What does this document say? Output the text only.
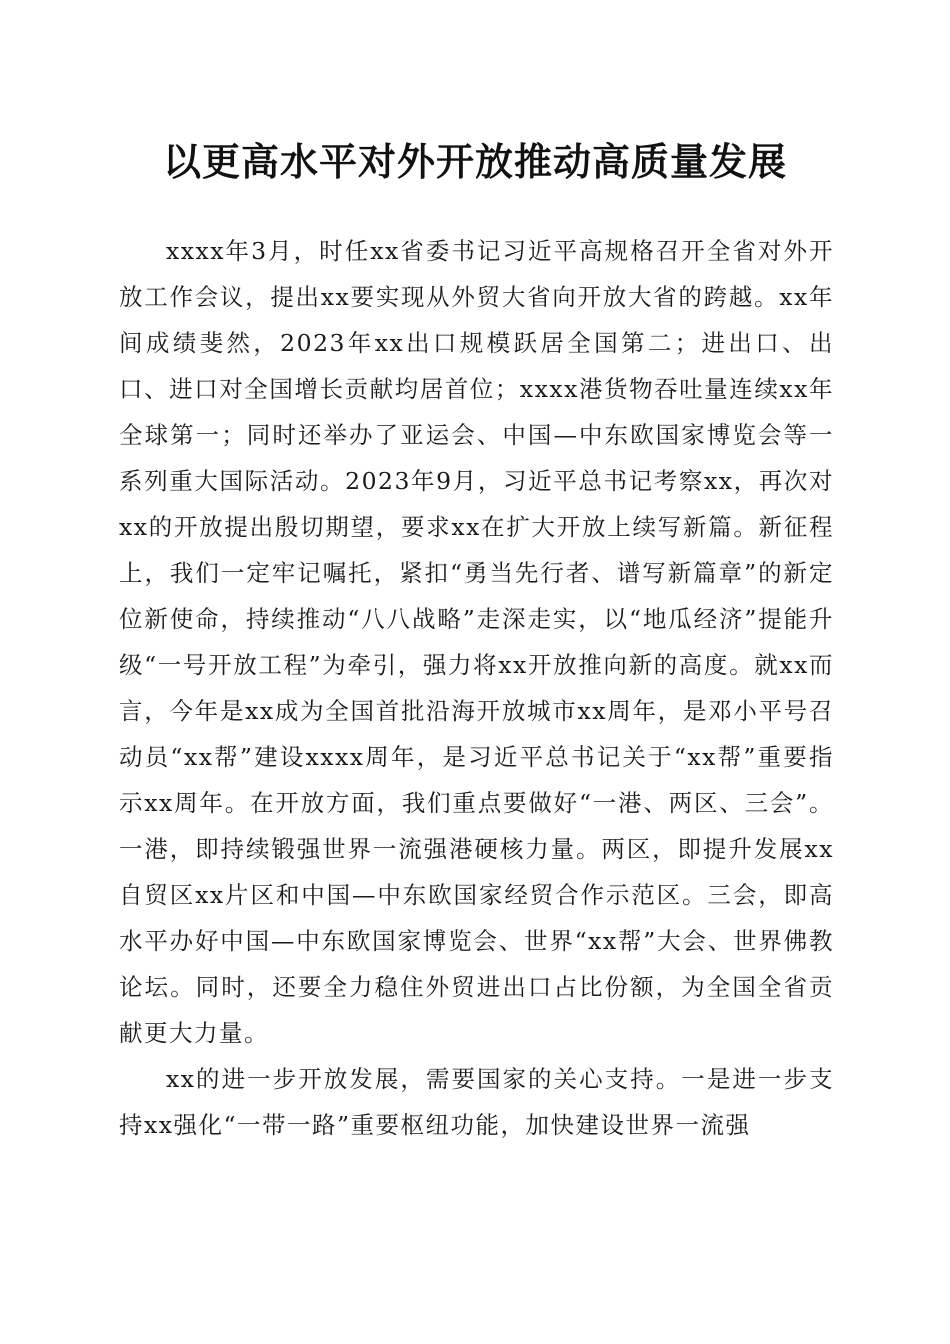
以更高水平对外开放推动高质量发展

xxxx年3月，时任xx省委书记习近平高规格召开全省对外开放工作会议，提出xx要实现从外贸大省向开放大省的跨越。xx年间成绩斐然，2023年xx出口规模跃居全国第二；进出口、出口、进口对全国增长贡献均居首位；xxxx港货物吞吐量连续xx年全球第一；同时还举办了亚运会、中国—中东欧国家博览会等一系列重大国际活动。2023年9月，习近平总书记考察xx，再次对xx的开放提出殷切期望，要求xx在扩大开放上续写新篇。新征程上，我们一定牢记嘱托，紧扣“勇当先行者、谱写新篇章”的新定位新使命，持续推动“八八战略”走深走实，以“地瓜经济”提能升级“一号开放工程”为牵引，强力将xx开放推向新的高度。就xx而言，今年是xx成为全国首批沿海开放城市xx周年，是邓小平号召动员“xx帮”建设xxxx周年，是习近平总书记关于“xx帮”重要指示xx周年。在开放方面，我们重点要做好“一港、两区、三会”。一港，即持续锻强世界一流强港硬核力量。两区，即提升发展xx自贸区xx片区和中国—中东欧国家经贸合作示范区。三会，即高水平办好中国—中东欧国家博览会、世界“xx帮”大会、世界佛教论坛。同时，还要全力稳住外贸进出口占比份额，为全国全省贡献更大力量。

xx的进一步开放发展，需要国家的关心支持。一是进一步支持xx强化“一带一路”重要枢纽功能，加快建设世界一流强
